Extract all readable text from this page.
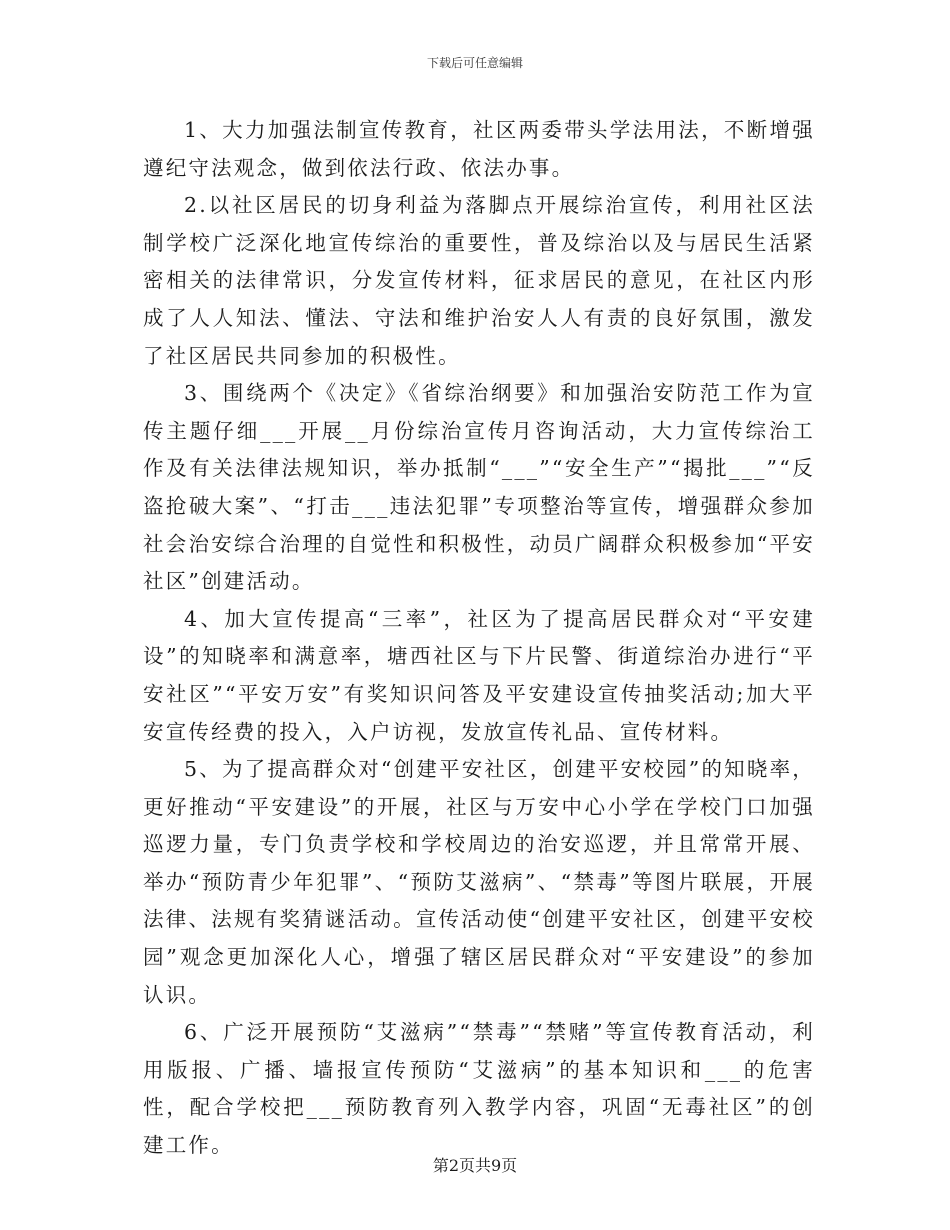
下载后可任意编辑

1、大力加强法制宣传教育，社区两委带头学法用法，不断增强遵纪守法观念，做到依法行政、依法办事。

2.以社区居民的切身利益为落脚点开展综治宣传，利用社区法制学校广泛深化地宣传综治的重要性，普及综治以及与居民生活紧密相关的法律常识，分发宣传材料，征求居民的意见，在社区内形成了人人知法、懂法、守法和维护治安人人有责的良好氛围，激发了社区居民共同参加的积极性。

3、围绕两个《决定》《省综治纲要》和加强治安防范工作为宣传主题仔细___开展__月份综治宣传月咨询活动，大力宣传综治工作及有关法律法规知识，举办抵制“___”“安全生产”“揭批___”“反盗抢破大案”、“打击___违法犯罪”专项整治等宣传，增强群众参加社会治安综合治理的自觉性和积极性，动员广阔群众积极参加“平安社区”创建活动。

4、加大宣传提高“三率”，社区为了提高居民群众对“平安建设”的知晓率和满意率，塘西社区与下片民警、街道综治办进行“平安社区”“平安万安”有奖知识问答及平安建设宣传抽奖活动;加大平安宣传经费的投入，入户访视，发放宣传礼品、宣传材料。

5、为了提高群众对“创建平安社区，创建平安校园”的知晓率，更好推动“平安建设”的开展，社区与万安中心小学在学校门口加强巡逻力量，专门负责学校和学校周边的治安巡逻，并且常常开展、举办“预防青少年犯罪”、“预防艾滋病”、“禁毒”等图片联展，开展法律、法规有奖猜谜活动。宣传活动使“创建平安社区，创建平安校园”观念更加深化人心，增强了辖区居民群众对“平安建设”的参加认识。

6、广泛开展预防“艾滋病”“禁毒”“禁赌”等宣传教育活动，利用版报、广播、墙报宣传预防“艾滋病”的基本知识和___的危害性，配合学校把___预防教育列入教学内容，巩固“无毒社区”的创建工作。

第2页共9页
